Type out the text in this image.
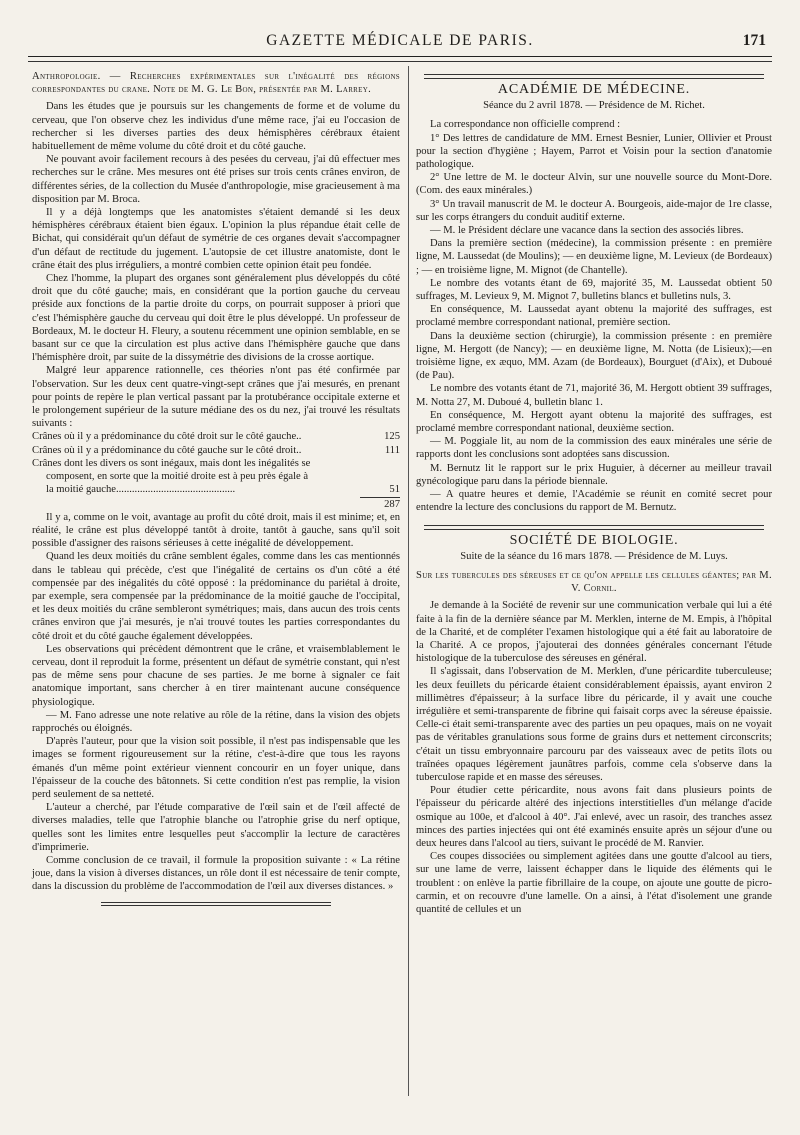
GAZETTE MÉDICALE DE PARIS.	171

Anthropologie. — Recherches expérimentales sur l'inégalité des régions correspondantes du crane. Note de M. G. Le Bon, présentée par M. Larrey.

Dans les études que je poursuis sur les changements de forme et de volume du cerveau, que l'on observe chez les individus d'une même race, j'ai eu l'occasion de rechercher si les diverses parties des deux hémisphères cérébraux étaient habituellement de même volume du côté droit et du côté gauche.

Ne pouvant avoir facilement recours à des pesées du cerveau, j'ai dû effectuer mes recherches sur le crâne. Mes mesures ont été prises sur trois cents crânes environ, de différentes séries, de la collection du Musée d'anthropologie, mise gracieusement à ma disposition par M. Broca.

Il y a déjà longtemps que les anatomistes s'étaient demandé si les deux hémisphères cérébraux étaient bien égaux. L'opinion la plus répandue était celle de Bichat, qui considérait qu'un défaut de symétrie de ces organes devait s'accompagner d'un défaut de rectitude du jugement. L'autopsie de cet illustre anatomiste, dont le crâne était des plus irréguliers, a montré combien cette opinion était peu fondée.

Chez l'homme, la plupart des organes sont généralement plus développés du côté droit que du côté gauche; mais, en considérant que la portion gauche du cerveau préside aux fonctions de la partie droite du corps, on pourrait supposer à priori que c'est l'hémisphère gauche du cerveau qui doit être le plus développé. Un professeur de Bordeaux, M. le docteur H. Fleury, a soutenu récemment une opinion semblable, en se basant sur ce que la circulation est plus active dans l'hémisphère gauche que dans l'hémisphère droit, par suite de la dissymétrie des divisions de la crosse aortique.

Malgré leur apparence rationnelle, ces théories n'ont pas été confirmée par l'observation. Sur les deux cent quatre-vingt-sept crânes que j'ai mesurés, en prenant pour points de repère le plan vertical passant par la protubérance occipitale externe et le prolongement supérieur de la suture médiane des os du nez, j'ai trouvé les résultats suivants :

Crânes où il y a prédominance du côté droit sur le côté gauche..	125
Crânes où il y a prédominance du côté gauche sur le côté droit..	111
Crânes dont les divers os sont inégaux, mais dont les inégalités se
composent, en sorte que la moitié droite est à peu près égale à
la moitié gauche.............................................	51
287

Il y a, comme on le voit, avantage au profit du côté droit, mais il est minime; et, en réalité, le crâne est plus développé tantôt à droite, tantôt à gauche, sans qu'il soit possible d'assigner des raisons sérieuses à cette inégalité de développement.

Quand les deux moitiés du crâne semblent égales, comme dans les cas mentionnés dans le tableau qui précède, c'est que l'inégalité de certains os d'un côté a été compensée par des inégalités du côté opposé : la prédominance du pariétal à droite, par exemple, sera compensée par la prédominance de la moitié gauche de l'occipital, et les deux moitiés du crâne sembleront symétriques; mais, dans aucun des trois cents crânes environ que j'ai mesurés, je n'ai trouvé toutes les parties correspondantes du côté droit et du côté gauche également développées.

Les observations qui précèdent démontrent que le crâne, et vraisemblablement le cerveau, dont il reproduit la forme, présentent un défaut de symétrie constant, qui n'est pas de même sens pour chacune de ses parties. Je me borne à signaler ce fait anatomique important, sans chercher à en tirer maintenant aucune conséquence physiologique.

— M. Fano adresse une note relative au rôle de la rétine, dans la vision des objets rapprochés ou éloignés.

D'après l'auteur, pour que la vision soit possible, il n'est pas indispensable que les images se forment rigoureusement sur la rétine, c'est-à-dire que tous les rayons émanés d'un même point extérieur viennent concourir en un foyer unique, dans l'épaisseur de la couche des bâtonnets. Si cette condition n'est pas remplie, la vision perd seulement de sa netteté.

L'auteur a cherché, par l'étude comparative de l'œil sain et de l'œil affecté de diverses maladies, telle que l'atrophie blanche ou l'atrophie grise du nerf optique, quelles sont les limites entre lesquelles peut s'accomplir la lecture de caractères d'imprimerie.

Comme conclusion de ce travail, il formule la proposition suivante : « La rétine joue, dans la vision à diverses distances, un rôle dont il est nécessaire de tenir compte, dans la discussion du problème de l'accommodation de l'œil aux diverses distances. »

ACADÉMIE DE MÉDECINE.
Séance du 2 avril 1878. — Présidence de M. Richet.

La correspondance non officielle comprend :

1° Des lettres de candidature de MM. Ernest Besnier, Lunier, Ollivier et Proust pour la section d'hygiène ; Hayem, Parrot et Voisin pour la section d'anatomie pathologique.

2° Une lettre de M. le docteur Alvin, sur une nouvelle source du Mont-Dore. (Com. des eaux minérales.)

3° Un travail manuscrit de M. le docteur A. Bourgeois, aide-major de 1re classe, sur les corps étrangers du conduit auditif externe.

— M. le Président déclare une vacance dans la section des associés libres.

Dans la première section (médecine), la commission présente : en première ligne, M. Laussedat (de Moulins); — en deuxième ligne, M. Levieux (de Bordeaux) ; — en troisième ligne, M. Mignot (de Chantelle).

Le nombre des votants étant de 69, majorité 35, M. Laussedat obtient 50 suffrages, M. Levieux 9, M. Mignot 7, bulletins blancs et bulletins nuls, 3.

En conséquence, M. Laussedat ayant obtenu la majorité des suffrages, est proclamé membre correspondant national, première section.

Dans la deuxième section (chirurgie), la commission présente : en première ligne, M. Hergott (de Nancy); — en deuxième ligne, M. Notta (de Lisieux);—en troisième ligne, ex æquo, MM. Azam (de Bordeaux), Bourguet (d'Aix), et Duboué (de Pau).

Le nombre des votants étant de 71, majorité 36, M. Hergott obtient 39 suffrages, M. Notta 27, M. Duboué 4, bulletin blanc 1.

En conséquence, M. Hergott ayant obtenu la majorité des suffrages, est proclamé membre correspondant national, deuxième section.

— M. Poggiale lit, au nom de la commission des eaux minérales une série de rapports dont les conclusions sont adoptées sans discussion.

M. Bernutz lit le rapport sur le prix Huguier, à décerner au meilleur travail gynécologique paru dans la période biennale.

— A quatre heures et demie, l'Académie se réunit en comité secret pour entendre la lecture des conclusions du rapport de M. Bernutz.

SOCIÉTÉ DE BIOLOGIE.
Suite de la séance du 16 mars 1878. — Présidence de M. Luys.

Sur les tubercules des séreuses et ce qu'on appelle les cellules géantes; par M. V. Cornil.

Je demande à la Société de revenir sur une communication verbale qui lui a été faite à la fin de la dernière séance par M. Merklen, interne de M. Empis, à l'hôpital de la Charité, et de compléter l'examen histologique qui a été fait au laboratoire de la Charité. A ce propos, j'ajouterai des données générales concernant l'étude histologique de la tuberculose des séreuses en général.

Il s'agissait, dans l'observation de M. Merklen, d'une péricardite tuberculeuse; les deux feuillets du péricarde étaient considérablement épaissis, ayant environ 2 millimètres d'épaisseur; à la surface libre du péricarde, il y avait une couche irrégulière et semi-transparente de fibrine qui faisait corps avec la séreuse épaissie. Celle-ci était semi-transparente avec des parties un peu opaques, mais on ne voyait pas de véritables granulations sous forme de grains durs et nettement circonscrits; c'était un tissu embryonnaire parcouru par des vaisseaux avec de petits îlots ou traînées opaques légèrement jaunâtres parfois, comme cela s'observe dans la tuberculose rapide et en masse des séreuses.

Pour étudier cette péricardite, nous avons fait dans plusieurs points de l'épaisseur du péricarde altéré des injections interstitielles d'un mélange d'acide osmique au 100e, et d'alcool à 40°. J'ai enlevé, avec un rasoir, des tranches assez minces des parties injectées qui ont été examinés ensuite après un séjour d'une ou deux heures dans l'alcool au tiers, suivant le procédé de M. Ranvier.

Ces coupes dissociées ou simplement agitées dans une goutte d'alcool au tiers, sur une lame de verre, laissent échapper dans le liquide des éléments qui le troublent : on enlève la partie fibrillaire de la coupe, on ajoute une goutte de picro-carmin, et on recouvre d'une lamelle. On a ainsi, à l'état d'isolement une grande quantité de cellules et un
